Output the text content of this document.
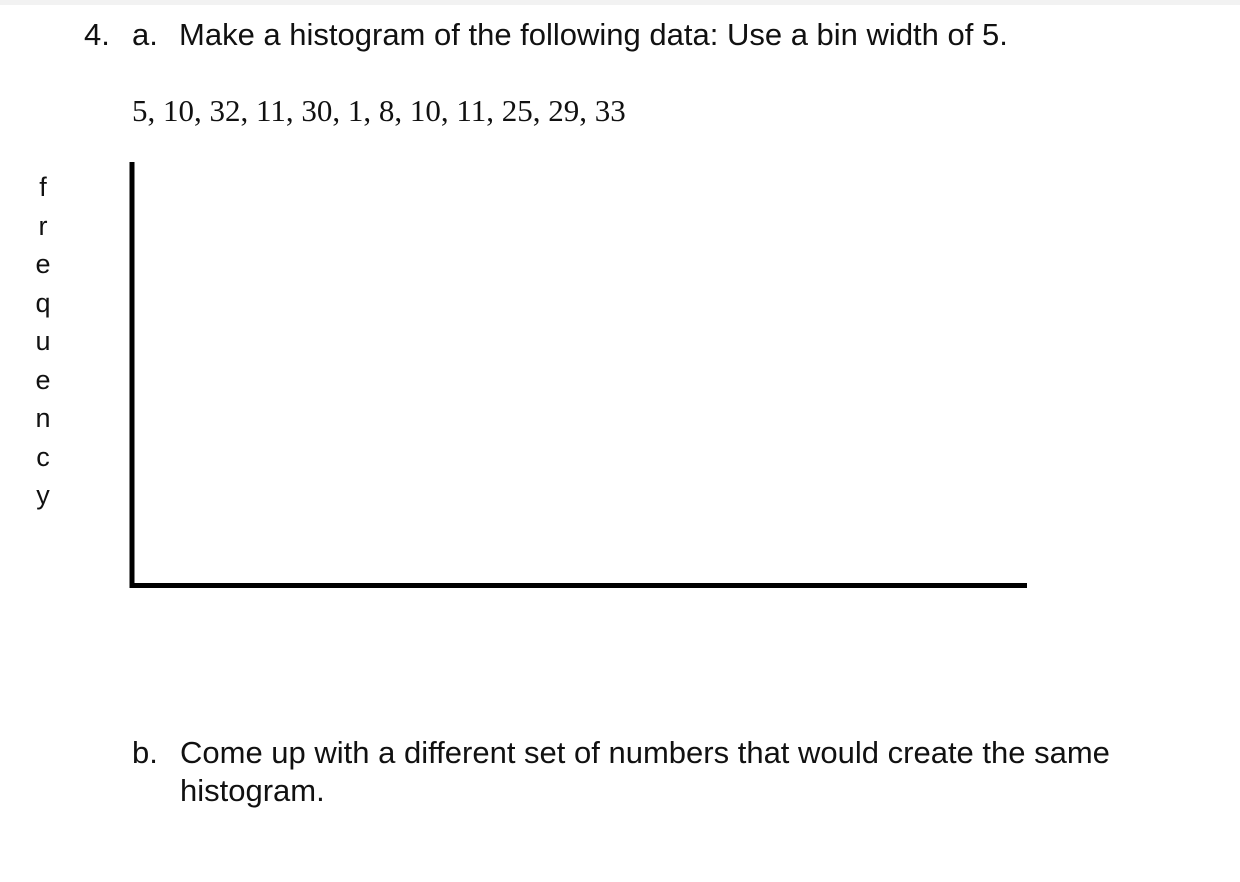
4. a. Make a histogram of the following data: Use a bin width of 5.
5, 10, 32, 11, 30, 1, 8, 10, 11, 25, 29, 33
f
r
e
q
u
e
n
c
y
b. Come up with a different set of numbers that would create the same histogram.
